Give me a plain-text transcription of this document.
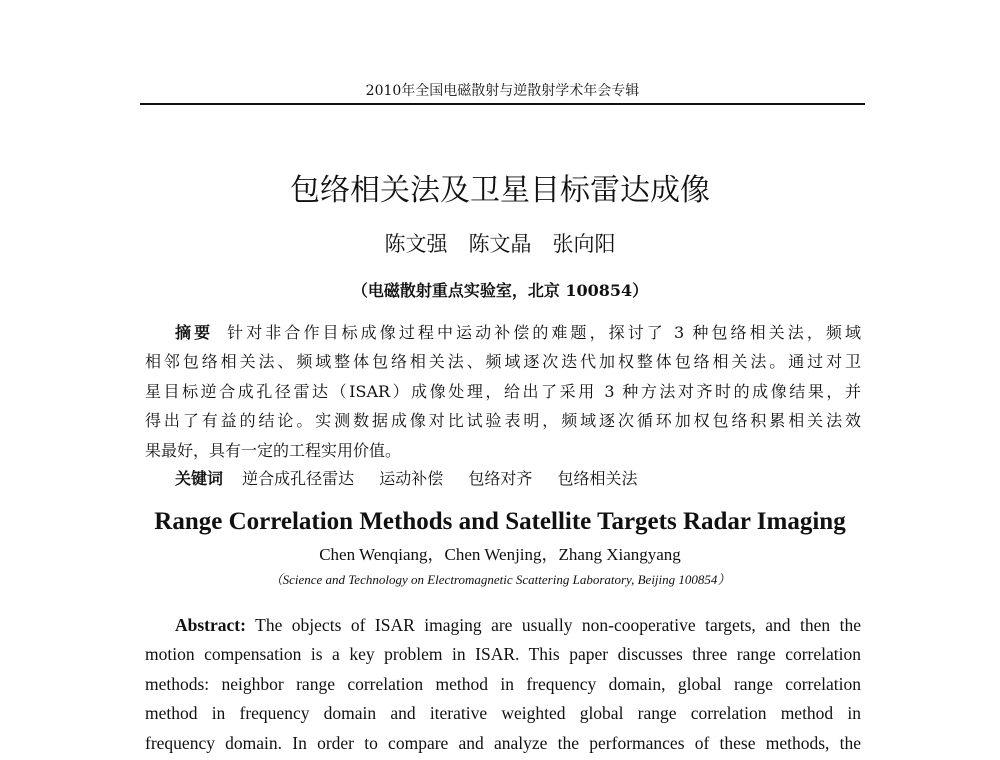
2010年全国电磁散射与逆散射学术年会专辑
包络相关法及卫星目标雷达成像
陈文强　陈文晶　张向阳
（电磁散射重点实验室，北京 100854）
摘要 针对非合作目标成像过程中运动补偿的难题，探讨了 3 种包络相关法，频域
相邻包络相关法、频域整体包络相关法、频域逐次迭代加权整体包络相关法。通过对卫
星目标逆合成孔径雷达（ISAR）成像处理，给出了采用 3 种方法对齐时的成像结果，并
得出了有益的结论。实测数据成像对比试验表明，频域逐次循环加权包络积累相关法效
果最好，具有一定的工程实用价值。
关键词 逆合成孔径雷达 运动补偿 包络对齐 包络相关法
Range Correlation Methods and Satellite Targets Radar Imaging
Chen Wenqiang，Chen Wenjing，Zhang Xiangyang
（Science and Technology on Electromagnetic Scattering Laboratory, Beijing 100854）
Abstract: The objects of ISAR imaging are usually non-cooperative targets, and then the
motion compensation is a key problem in ISAR. This paper discusses three range correlation
methods: neighbor range correlation method in frequency domain, global range correlation
method in frequency domain and iterative weighted global range correlation method in
frequency domain. In order to compare and analyze the performances of these methods, the
